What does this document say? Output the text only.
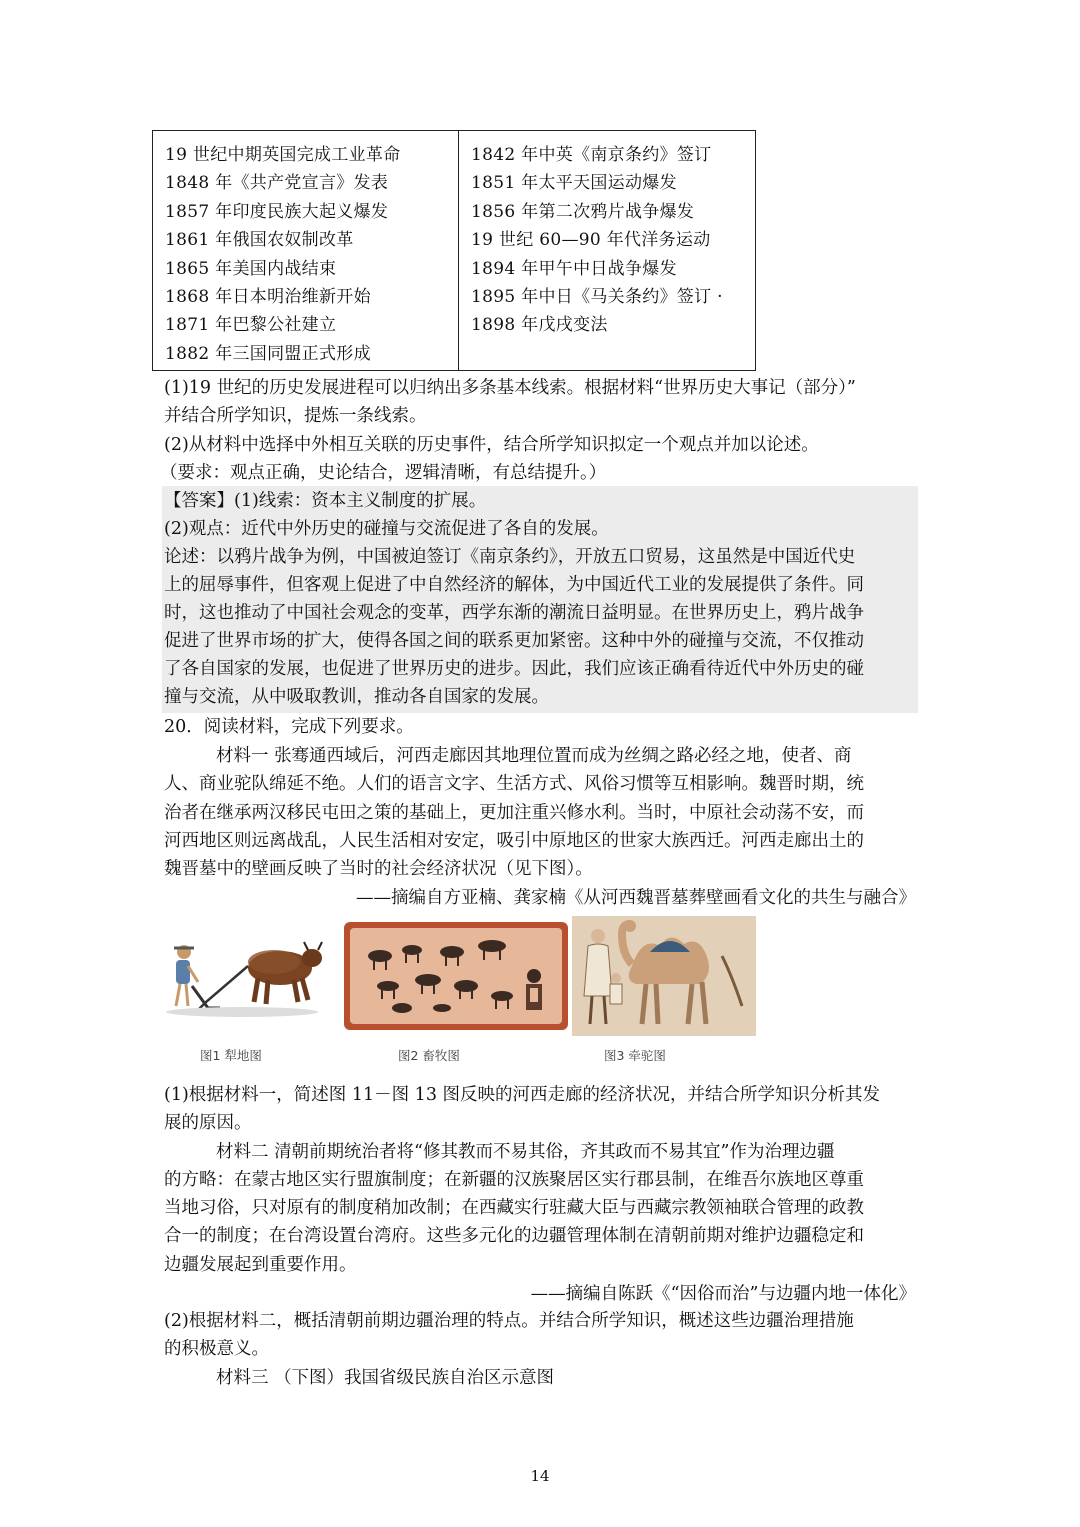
19 世纪中期英国完成工业革命
1848 年《共产党宣言》发表
1857 年印度民族大起义爆发
1861 年俄国农奴制改革
1865 年美国内战结束
1868 年日本明治维新开始
1871 年巴黎公社建立
1882 年三国同盟正式形成

1842 年中英《南京条约》签订
1851 年太平天国运动爆发
1856 年第二次鸦片战争爆发
19 世纪 60—90 年代洋务运动
1894 年甲午中日战争爆发
1895 年中日《马关条约》签订 ·
1898 年戊戌变法
(1)19 世纪的历史发展进程可以归纳出多条基本线索。根据材料“世界历史大事记（部分）”
并结合所学知识，提炼一条线索。
(2)从材料中选择中外相互关联的历史事件，结合所学知识拟定一个观点并加以论述。
（要求：观点正确，史论结合，逻辑清晰，有总结提升。）
【答案】(1)线索：资本主义制度的扩展。
(2)观点：近代中外历史的碰撞与交流促进了各自的发展。
论述：以鸦片战争为例，中国被迫签订《南京条约》，开放五口贸易，这虽然是中国近代史
上的屈辱事件，但客观上促进了中自然经济的解体，为中国近代工业的发展提供了条件。同
时，这也推动了中国社会观念的变革，西学东渐的潮流日益明显。在世界历史上，鸦片战争
促进了世界市场的扩大，使得各国之间的联系更加紧密。这种中外的碰撞与交流，不仅推动
了各自国家的发展，也促进了世界历史的进步。因此，我们应该正确看待近代中外历史的碰
撞与交流，从中吸取教训，推动各自国家的发展。
20．阅读材料，完成下列要求。
材料一 张骞通西域后，河西走廊因其地理位置而成为丝绸之路必经之地，使者、商
人、商业驼队绵延不绝。人们的语言文字、生活方式、风俗习惯等互相影响。魏晋时期，统
治者在继承两汉移民屯田之策的基础上，更加注重兴修水利。当时，中原社会动荡不安，而
河西地区则远离战乱，人民生活相对安定，吸引中原地区的世家大族西迁。河西走廊出土的
魏晋墓中的壁画反映了当时的社会经济状况（见下图）。
——摘编自方亚楠、龚家楠《从河西魏晋墓葬壁画看文化的共生与融合》
图1 犁地图	图2 畜牧图	图3 牵驼图
(1)根据材料一，简述图 11－图 13 图反映的河西走廊的经济状况，并结合所学知识分析其发
展的原因。
材料二 清朝前期统治者将“修其教而不易其俗，齐其政而不易其宜”作为治理边疆
的方略：在蒙古地区实行盟旗制度；在新疆的汉族聚居区实行郡县制，在维吾尔族地区尊重
当地习俗，只对原有的制度稍加改制；在西藏实行驻藏大臣与西藏宗教领袖联合管理的政教
合一的制度；在台湾设置台湾府。这些多元化的边疆管理体制在清朝前期对维护边疆稳定和
边疆发展起到重要作用。
——摘编自陈跃《“因俗而治”与边疆内地一体化》
(2)根据材料二，概括清朝前期边疆治理的特点。并结合所学知识，概述这些边疆治理措施
的积极意义。
材料三 （下图）我国省级民族自治区示意图
14
